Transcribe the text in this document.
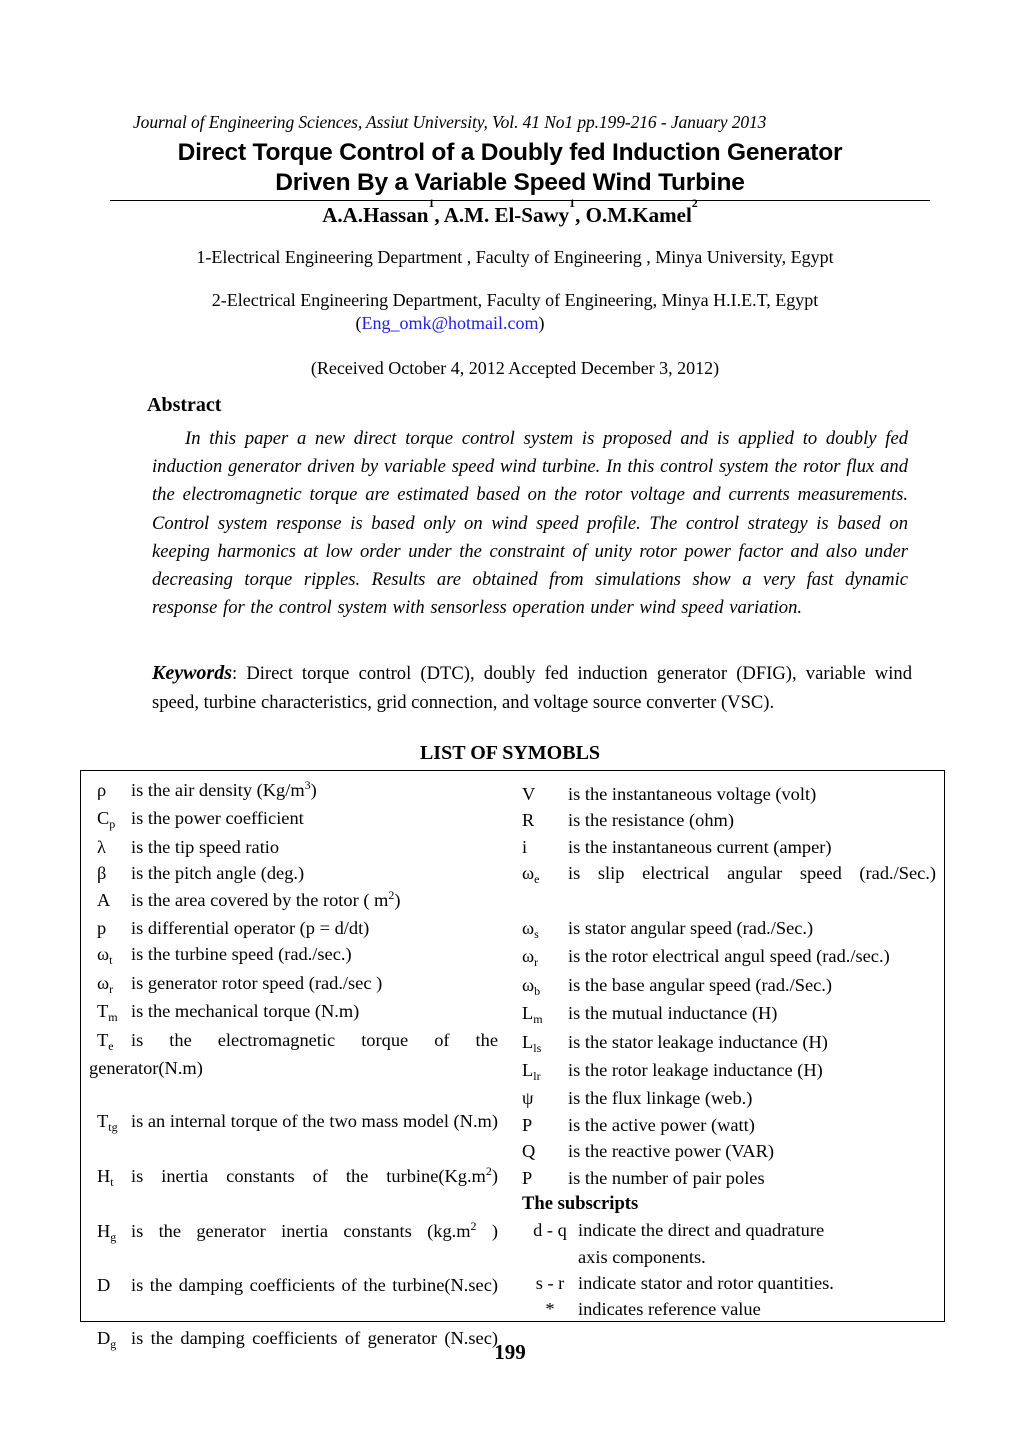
Journal of Engineering Sciences, Assiut University, Vol. 41 No1 pp.199-216 - January 2013
Direct Torque Control of a Doubly fed Induction Generator
Driven By a Variable Speed Wind Turbine
A.A.Hassan$^1$, A.M. El-Sawy$^1$, O.M.Kamel$^2$
1-Electrical Engineering Department , Faculty of Engineering , Minya University, Egypt
2-Electrical Engineering Department, Faculty of Engineering, Minya H.I.E.T, Egypt
(Eng_omk@hotmail.com)
(Received October 4, 2012 Accepted December 3, 2012)
Abstract
In this paper a new direct torque control system is proposed and is applied to doubly fed induction generator driven by variable speed wind turbine. In this control system the rotor flux and the electromagnetic torque are estimated based on the rotor voltage and currents measurements. Control system response is based only on wind speed profile. The control strategy is based on keeping harmonics at low order under the constraint of unity rotor power factor and also under decreasing torque ripples. Results are obtained from simulations show a very fast dynamic response for the control system with sensorless operation under wind speed variation.
Keywords: Direct torque control (DTC), doubly fed induction generator (DFIG), variable wind speed, turbine characteristics, grid connection, and voltage source converter (VSC).
LIST OF SYMOBLS
ρ is the air density $(Kg/m^3)$
$C_p$ is the power coefficient
λ is the tip speed ratio
β is the pitch angle (deg.)
A is the area covered by the rotor ( $m^2$)
p is differential operator (p = d/dt)
$\omega_t$ is the turbine speed (rad./sec.)
$\omega_r$ is generator rotor speed (rad./sec )
$T_m$ is the mechanical torque (N.m)
$T_e$ is the electromagnetic torque of the generator(N.m)
$T_{tg}$ is an internal torque of the two mass model (N.m)
$H_t$ is inertia constants of the $turbine(Kg.m^2)$
$H_g$ is the generator inertia constants ($kg.m^2$ )
D is the damping coefficients of the turbine(N.sec)
$D_g$ is the damping coefficients of generator (N.sec)
V is the instantaneous voltage (volt)
R is the resistance (ohm)
i is the instantaneous current (amper)
$\omega_e$ is slip electrical angular speed (rad./Sec.)
$\omega_s$ is stator angular speed (rad./Sec.)
$\omega_r$ is the rotor electrical angul speed (rad./sec.)
$\omega_b$ is the base angular speed (rad./Sec.)
$L_m$ is the mutual inductance (H)
$L_{ls}$ is the stator leakage inductance (H)
$L_{lr}$ is the rotor leakage inductance (H)
ψ is the flux linkage (web.)
P is the active power (watt)
Q is the reactive power (VAR)
P is the number of pair poles
The subscripts
d - q indicate the direct and quadrature
axis components.
s - r indicate stator and rotor quantities.
* indicates reference value
199
